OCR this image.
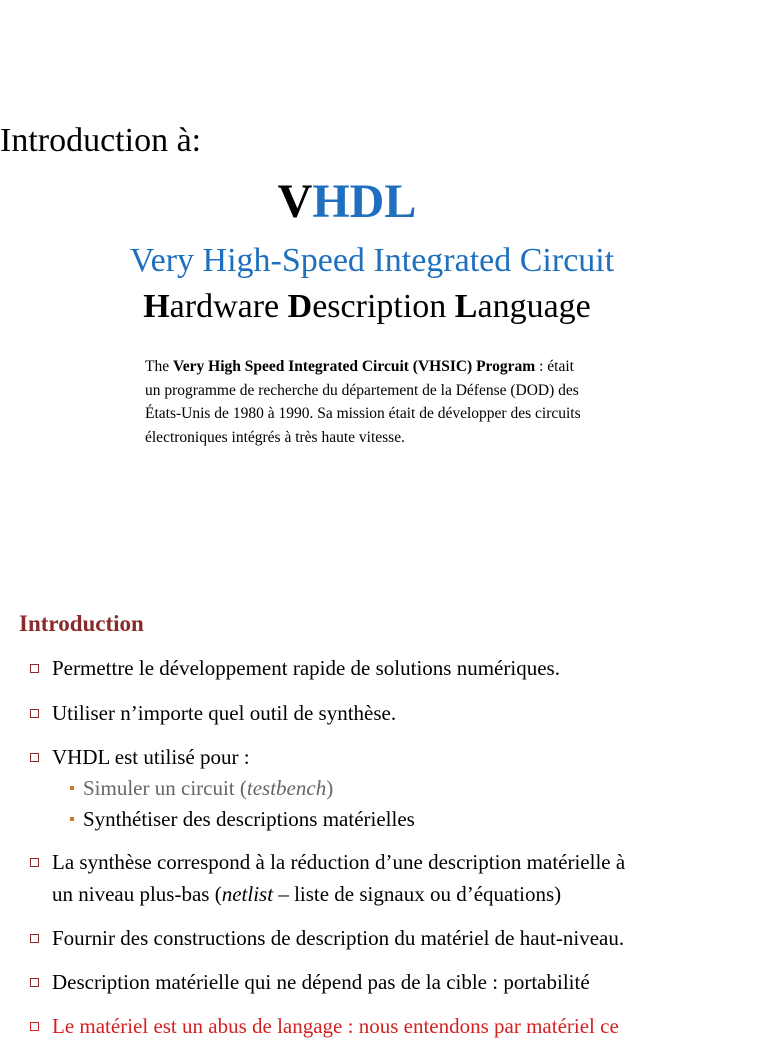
Introduction à:
VHDL
Very High-Speed Integrated Circuit
Hardware Description Language
The Very High Speed Integrated Circuit (VHSIC) Program : était
un programme de recherche du département de la Défense (DOD) des
États-Unis de 1980 à 1990. Sa mission était de développer des circuits
électroniques intégrés à très haute vitesse.
Introduction
Permettre le développement rapide de solutions numériques.
Utiliser n’importe quel outil de synthèse.
VHDL est utilisé pour :
Simuler un circuit (testbench)
Synthétiser des descriptions matérielles
La synthèse correspond à la réduction d’une description matérielle à
un niveau plus-bas (netlist – liste de signaux ou d’équations)
Fournir des constructions de description du matériel de haut-niveau.
Description matérielle qui ne dépend pas de la cible : portabilité
Le matériel est un abus de langage : nous entendons par matériel ce
